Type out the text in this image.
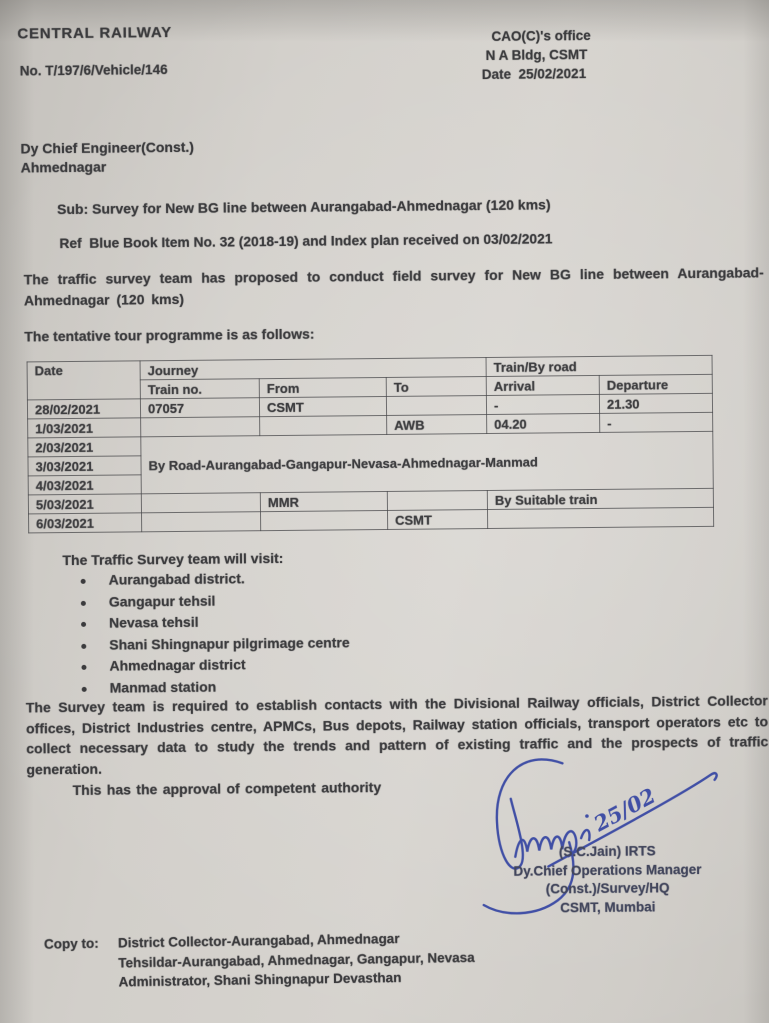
CENTRAL RAILWAY
No. T/197/6/Vehicle/146
CAO(C)'s office
N A Bldg, CSMT
Date  25/02/2021
Dy Chief Engineer(Const.)
Ahmednagar
Sub: Survey for New BG line between Aurangabad-Ahmednagar (120 kms)
Ref  Blue Book Item No. 32 (2018-19) and Index plan received on 03/02/2021
The traffic survey team has proposed to conduct field survey for New BG line between Aurangabad-Ahmednagar (120 kms)
The tentative tour programme is as follows:
Date	Journey			Train/By road	
	Train no.	From	To	Arrival	Departure
28/02/2021	07057	CSMT		-	21.30
1/03/2021			AWB	04.20	-
2/03/2021	By Road-Aurangabad-Gangapur-Nevasa-Ahmednagar-Manmad				
3/03/2021					
4/03/2021					
5/03/2021		MMR		By Suitable train	
6/03/2021			CSMT		
The Traffic Survey team will visit:
Aurangabad district.
Gangapur tehsil
Nevasa tehsil
Shani Shingnapur pilgrimage centre
Ahmednagar district
Manmad station
The Survey team is required to establish contacts with the Divisional Railway officials, District Collector offices, District Industries centre, APMCs, Bus depots, Railway station officials, transport operators etc to collect necessary data to study the trends and pattern of existing traffic and the prospects of traffic generation.
This has the approval of competent authority	25/02
(S.C.Jain) IRTS
Dy.Chief Operations Manager
(Const.)/Survey/HQ
CSMT, Mumbai
Copy to:	District Collector-Aurangabad, Ahmednagar
Tehsildar-Aurangabad, Ahmednagar, Gangapur, Nevasa
Administrator, Shani Shingnapur Devasthan
